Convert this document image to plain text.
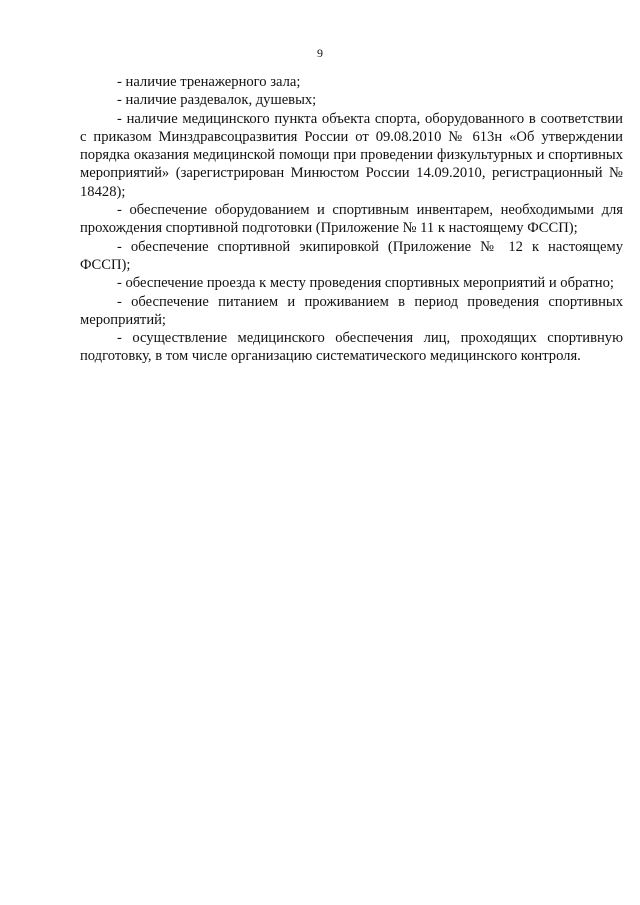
9

- наличие тренажерного зала;

- наличие раздевалок, душевых;

- наличие медицинского пункта объекта спорта, оборудованного в соответствии с приказом Минздравсоцразвития России от 09.08.2010 № 613н «Об утверждении порядка оказания медицинской помощи при проведении физкультурных и спортивных мероприятий» (зарегистрирован Минюстом России 14.09.2010, регистрационный № 18428);

- обеспечение оборудованием и спортивным инвентарем, необходимыми для прохождения спортивной подготовки (Приложение № 11 к настоящему ФССП);

- обеспечение спортивной экипировкой (Приложение № 12 к настоящему ФССП);

- обеспечение проезда к месту проведения спортивных мероприятий и обратно;

- обеспечение питанием и проживанием в период проведения спортивных мероприятий;

- осуществление медицинского обеспечения лиц, проходящих спортивную подготовку, в том числе организацию систематического медицинского контроля.
